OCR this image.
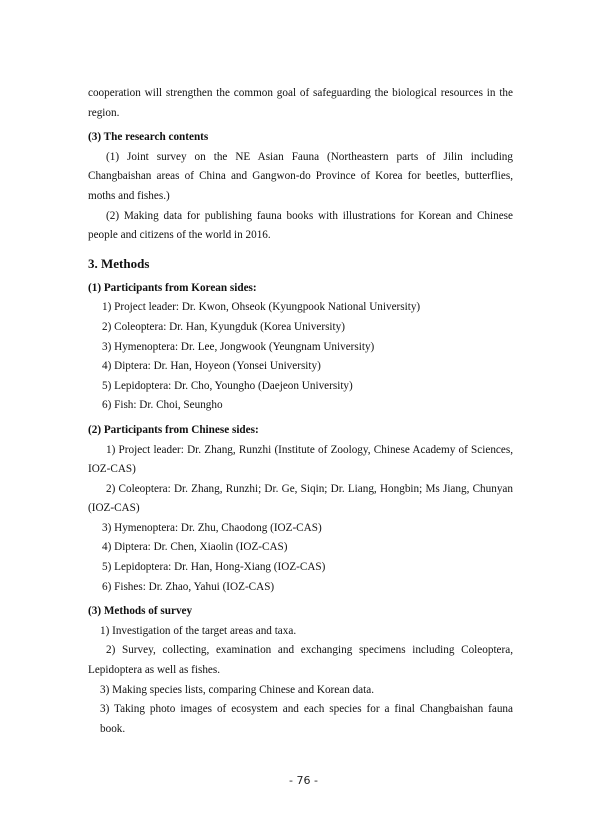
cooperation will strengthen the common goal of safeguarding the biological resources in the region.

(3) The research contents

(1) Joint survey on the NE Asian Fauna (Northeastern parts of Jilin including Changbaishan areas of China and Gangwon-do Province of Korea for beetles, butterflies, moths and fishes.)

(2) Making data for publishing fauna books with illustrations for Korean and Chinese people and citizens of the world in 2016.

3. Methods

(1) Participants from Korean sides:

1) Project leader: Dr. Kwon, Ohseok (Kyungpook National University)

2) Coleoptera: Dr. Han, Kyungduk (Korea University)

3) Hymenoptera: Dr. Lee, Jongwook (Yeungnam University)

4) Diptera: Dr. Han, Hoyeon (Yonsei University)

5) Lepidoptera: Dr. Cho, Youngho (Daejeon University)

6) Fish: Dr. Choi, Seungho

(2) Participants from Chinese sides:

1) Project leader: Dr. Zhang, Runzhi (Institute of Zoology, Chinese Academy of Sciences, IOZ-CAS)

2) Coleoptera: Dr. Zhang, Runzhi; Dr. Ge, Siqin; Dr. Liang, Hongbin; Ms Jiang, Chunyan (IOZ-CAS)

3) Hymenoptera: Dr. Zhu, Chaodong (IOZ-CAS)

4) Diptera: Dr. Chen, Xiaolin (IOZ-CAS)

5) Lepidoptera: Dr. Han, Hong-Xiang (IOZ-CAS)

6) Fishes: Dr. Zhao, Yahui (IOZ-CAS)

(3) Methods of survey

1) Investigation of the target areas and taxa.

2) Survey, collecting, examination and exchanging specimens including Coleoptera, Lepidoptera as well as fishes.

3) Making species lists, comparing Chinese and Korean data.

3) Taking photo images of ecosystem and each species for a final Changbaishan fauna book.

- 76 -
